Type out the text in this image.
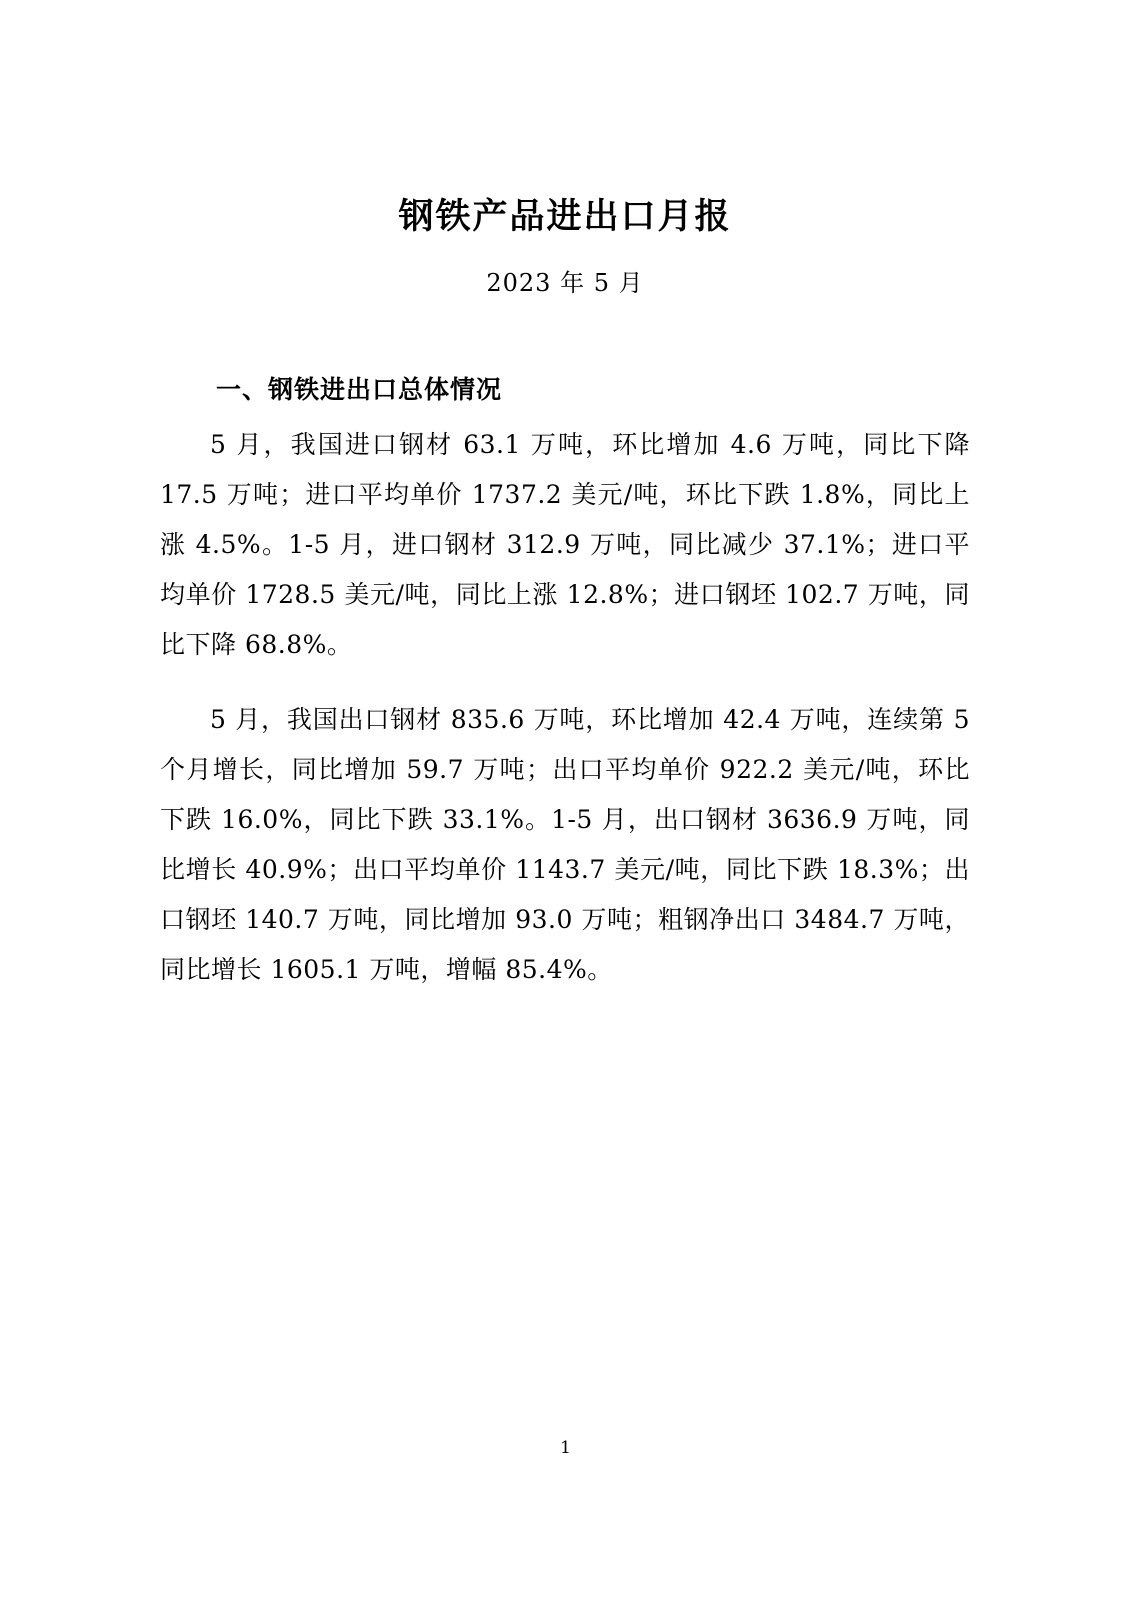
钢铁产品进出口月报
2023 年 5 月
一、钢铁进出口总体情况

5 月，我国进口钢材 63.1 万吨，环比增加 4.6 万吨，同比下降 17.5 万吨；进口平均单价 1737.2 美元/吨，环比下跌 1.8%，同比上涨 4.5%。1-5 月，进口钢材 312.9 万吨，同比减少 37.1%；进口平均单价 1728.5 美元/吨，同比上涨 12.8%；进口钢坯 102.7 万吨，同比下降 68.8%。

5 月，我国出口钢材 835.6 万吨，环比增加 42.4 万吨，连续第 5 个月增长，同比增加 59.7 万吨；出口平均单价 922.2 美元/吨，环比下跌 16.0%，同比下跌 33.1%。1-5 月，出口钢材 3636.9 万吨，同比增长 40.9%；出口平均单价 1143.7 美元/吨，同比下跌 18.3%；出口钢坯 140.7 万吨，同比增加 93.0 万吨；粗钢净出口 3484.7 万吨，同比增长 1605.1 万吨，增幅 85.4%。

1
